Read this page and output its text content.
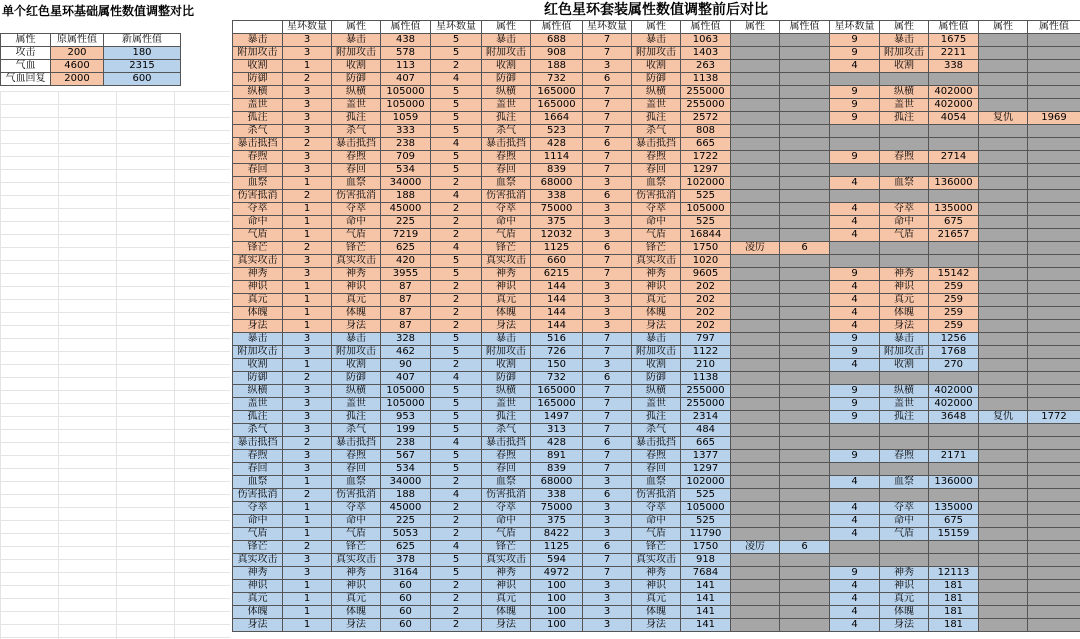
单个红色星环基础属性数值调整对比
属性	原属性值	新属性值
攻击	200	180
气血	4600	2315
气血回复	2000	600
红色星环套装属性数值调整前后对比
	星环数量	属性	属性值	星环数量	属性	属性值	星环数量	属性	属性值	属性	属性值	星环数量	属性	属性值	属性	属性值
暴击	3	暴击	438	5	暴击	688	7	暴击	1063			9	暴击	1675		
附加攻击	3	附加攻击	578	5	附加攻击	908	7	附加攻击	1403			9	附加攻击	2211		
收割	1	收割	113	2	收割	188	3	收割	263			4	收割	338		
防御	2	防御	407	4	防御	732	6	防御	1138							
纵横	3	纵横	105000	5	纵横	165000	7	纵横	255000			9	纵横	402000		
盖世	3	盖世	105000	5	盖世	165000	7	盖世	255000			9	盖世	402000		
孤注	3	孤注	1059	5	孤注	1664	7	孤注	2572			9	孤注	4054	复仇	1969
杀气	3	杀气	333	5	杀气	523	7	杀气	808							
暴击抵挡	2	暴击抵挡	238	4	暴击抵挡	428	6	暴击抵挡	665							
春煦	3	春煦	709	5	春煦	1114	7	春煦	1722			9	春煦	2714		
春回	3	春回	534	5	春回	839	7	春回	1297							
血祭	1	血祭	34000	2	血祭	68000	3	血祭	102000			4	血祭	136000		
伤害抵消	2	伤害抵消	188	4	伤害抵消	338	6	伤害抵消	525							
夺萃	1	夺萃	45000	2	夺萃	75000	3	夺萃	105000			4	夺萃	135000		
命中	1	命中	225	2	命中	375	3	命中	525			4	命中	675		
气盾	1	气盾	7219	2	气盾	12032	3	气盾	16844			4	气盾	21657		
锋芒	2	锋芒	625	4	锋芒	1125	6	锋芒	1750	凌厉	6					
真实攻击	3	真实攻击	420	5	真实攻击	660	7	真实攻击	1020							
神秀	3	神秀	3955	5	神秀	6215	7	神秀	9605			9	神秀	15142		
神识	1	神识	87	2	神识	144	3	神识	202			4	神识	259		
真元	1	真元	87	2	真元	144	3	真元	202			4	真元	259		
体魄	1	体魄	87	2	体魄	144	3	体魄	202			4	体魄	259		
身法	1	身法	87	2	身法	144	3	身法	202			4	身法	259		
暴击	3	暴击	328	5	暴击	516	7	暴击	797			9	暴击	1256		
附加攻击	3	附加攻击	462	5	附加攻击	726	7	附加攻击	1122			9	附加攻击	1768		
收割	1	收割	90	2	收割	150	3	收割	210			4	收割	270		
防御	2	防御	407	4	防御	732	6	防御	1138							
纵横	3	纵横	105000	5	纵横	165000	7	纵横	255000			9	纵横	402000		
盖世	3	盖世	105000	5	盖世	165000	7	盖世	255000			9	盖世	402000		
孤注	3	孤注	953	5	孤注	1497	7	孤注	2314			9	孤注	3648	复仇	1772
杀气	3	杀气	199	5	杀气	313	7	杀气	484							
暴击抵挡	2	暴击抵挡	238	4	暴击抵挡	428	6	暴击抵挡	665							
春煦	3	春煦	567	5	春煦	891	7	春煦	1377			9	春煦	2171		
春回	3	春回	534	5	春回	839	7	春回	1297							
血祭	1	血祭	34000	2	血祭	68000	3	血祭	102000			4	血祭	136000		
伤害抵消	2	伤害抵消	188	4	伤害抵消	338	6	伤害抵消	525							
夺萃	1	夺萃	45000	2	夺萃	75000	3	夺萃	105000			4	夺萃	135000		
命中	1	命中	225	2	命中	375	3	命中	525			4	命中	675		
气盾	1	气盾	5053	2	气盾	8422	3	气盾	11790			4	气盾	15159		
锋芒	2	锋芒	625	4	锋芒	1125	6	锋芒	1750	凌厉	6					
真实攻击	3	真实攻击	378	5	真实攻击	594	7	真实攻击	918							
神秀	3	神秀	3164	5	神秀	4972	7	神秀	7684			9	神秀	12113		
神识	1	神识	60	2	神识	100	3	神识	141			4	神识	181		
真元	1	真元	60	2	真元	100	3	真元	141			4	真元	181		
体魄	1	体魄	60	2	体魄	100	3	体魄	141			4	体魄	181		
身法	1	身法	60	2	身法	100	3	身法	141			4	身法	181		
